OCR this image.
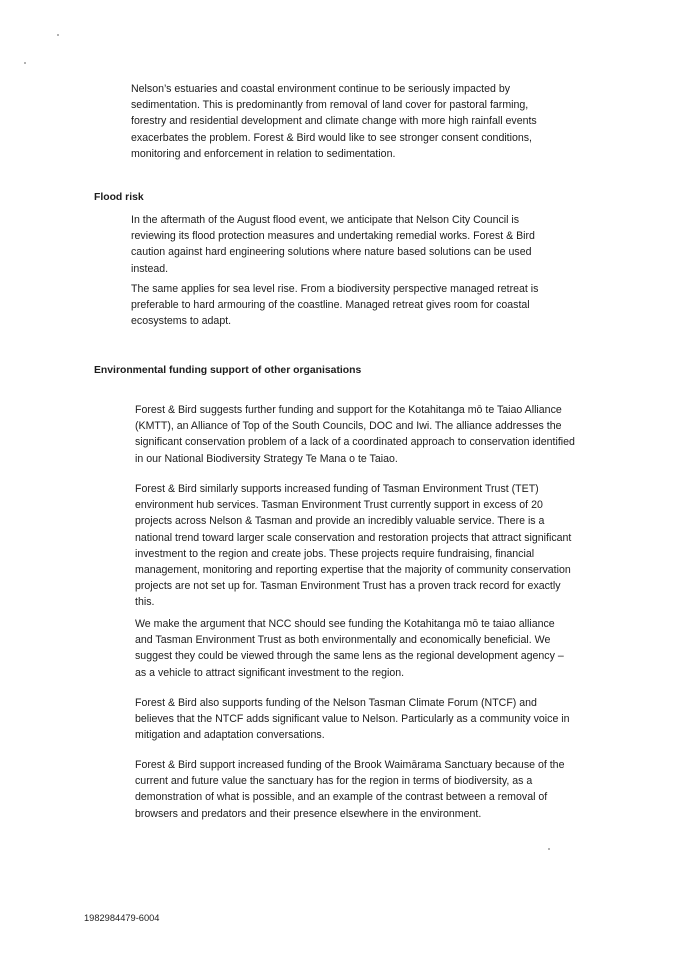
Nelson’s estuaries and coastal environment continue to be seriously impacted by sedimentation. This is predominantly from removal of land cover for pastoral farming, forestry and residential development and climate change with more high rainfall events exacerbates the problem. Forest & Bird would like to see stronger consent conditions, monitoring and enforcement in relation to sedimentation.

Flood risk

In the aftermath of the August flood event, we anticipate that Nelson City Council is reviewing its flood protection measures and undertaking remedial works. Forest & Bird caution against hard engineering solutions where nature based solutions can be used instead.

The same applies for sea level rise. From a biodiversity perspective managed retreat is preferable to hard armouring of the coastline. Managed retreat gives room for coastal ecosystems to adapt.

Environmental funding support of other organisations

Forest & Bird suggests further funding and support for the Kotahitanga mō te Taiao Alliance (KMTT), an Alliance of Top of the South Councils, DOC and Iwi. The alliance addresses the significant conservation problem of a lack of a coordinated approach to conservation identified in our National Biodiversity Strategy Te Mana o te Taiao.

Forest & Bird similarly supports increased funding of Tasman Environment Trust (TET) environment hub services. Tasman Environment Trust currently support in excess of 20 projects across Nelson & Tasman and provide an incredibly valuable service. There is a national trend toward larger scale conservation and restoration projects that attract significant investment to the region and create jobs. These projects require fundraising, financial management, monitoring and reporting expertise that the majority of community conservation projects are not set up for. Tasman Environment Trust has a proven track record for exactly this.

We make the argument that NCC should see funding the Kotahitanga mō te taiao alliance and Tasman Environment Trust as both environmentally and economically beneficial. We suggest they could be viewed through the same lens as the regional development agency – as a vehicle to attract significant investment to the region.

Forest & Bird also supports funding of the Nelson Tasman Climate Forum (NTCF) and believes that the NTCF adds significant value to Nelson. Particularly as a community voice in mitigation and adaptation conversations.

Forest & Bird support increased funding of the Brook Waimārama Sanctuary because of the current and future value the sanctuary has for the region in terms of biodiversity, as a demonstration of what is possible, and an example of the contrast between a removal of browsers and predators and their presence elsewhere in the environment.

1982984479-6004
